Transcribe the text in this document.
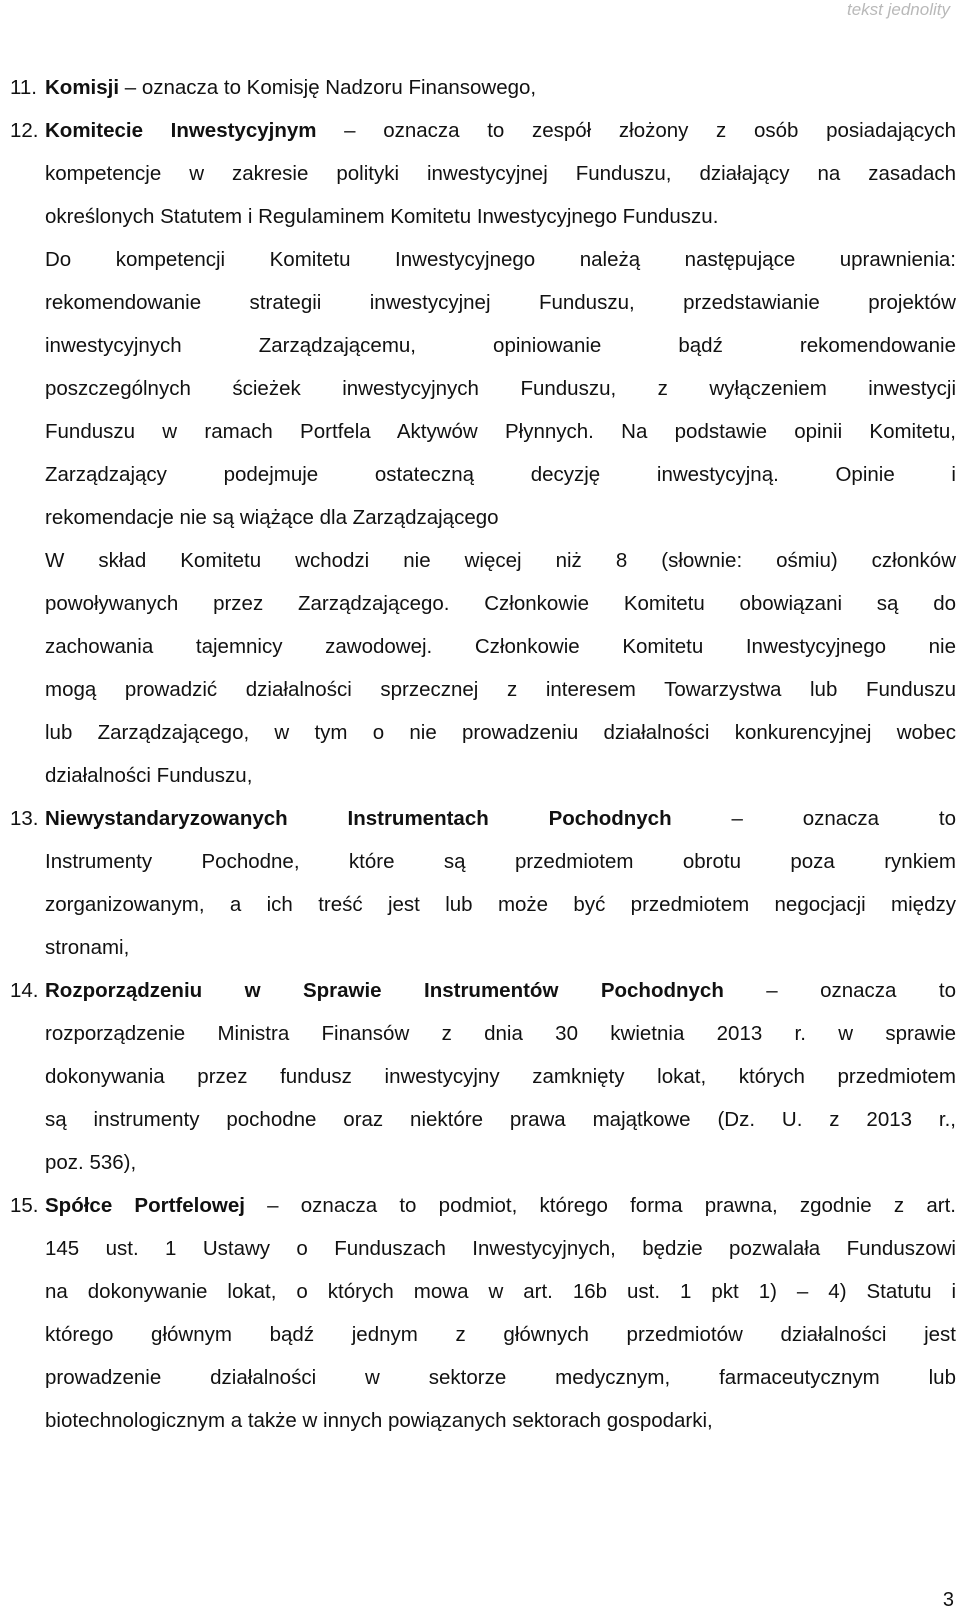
tekst jednolity
11. Komisji – oznacza to Komisję Nadzoru Finansowego,
12. Komitecie Inwestycyjnym – oznacza to zespół złożony z osób posiadających
kompetencje w zakresie polityki inwestycyjnej Funduszu, działający na zasadach
określonych Statutem i Regulaminem Komitetu Inwestycyjnego Funduszu.
Do kompetencji Komitetu Inwestycyjnego należą następujące uprawnienia:
rekomendowanie strategii inwestycyjnej Funduszu, przedstawianie projektów
inwestycyjnych Zarządzającemu, opiniowanie bądź rekomendowanie
poszczególnych ścieżek inwestycyjnych Funduszu, z wyłączeniem inwestycji
Funduszu w ramach Portfela Aktywów Płynnych. Na podstawie opinii Komitetu,
Zarządzający podejmuje ostateczną decyzję inwestycyjną. Opinie i
rekomendacje nie są wiążące dla Zarządzającego
W skład Komitetu wchodzi nie więcej niż 8 (słownie: ośmiu) członków
powoływanych przez Zarządzającego. Członkowie Komitetu obowiązani są do
zachowania tajemnicy zawodowej. Członkowie Komitetu Inwestycyjnego nie
mogą prowadzić działalności sprzecznej z interesem Towarzystwa lub Funduszu
lub Zarządzającego, w tym o nie prowadzeniu działalności konkurencyjnej wobec
działalności Funduszu,
13. Niewystandaryzowanych Instrumentach Pochodnych – oznacza to
Instrumenty Pochodne, które są przedmiotem obrotu poza rynkiem
zorganizowanym, a ich treść jest lub może być przedmiotem negocjacji między
stronami,
14. Rozporządzeniu w Sprawie Instrumentów Pochodnych – oznacza to
rozporządzenie Ministra Finansów z dnia 30 kwietnia 2013 r. w sprawie
dokonywania przez fundusz inwestycyjny zamknięty lokat, których przedmiotem
są instrumenty pochodne oraz niektóre prawa majątkowe (Dz. U. z 2013 r.,
poz. 536),
15. Spółce Portfelowej – oznacza to podmiot, którego forma prawna, zgodnie z art.
145 ust. 1 Ustawy o Funduszach Inwestycyjnych, będzie pozwalała Funduszowi
na dokonywanie lokat, o których mowa w art. 16b ust. 1 pkt 1) – 4) Statutu i
którego głównym bądź jednym z głównych przedmiotów działalności jest
prowadzenie działalności w sektorze medycznym, farmaceutycznym lub
biotechnologicznym a także w innych powiązanych sektorach gospodarki,
3
